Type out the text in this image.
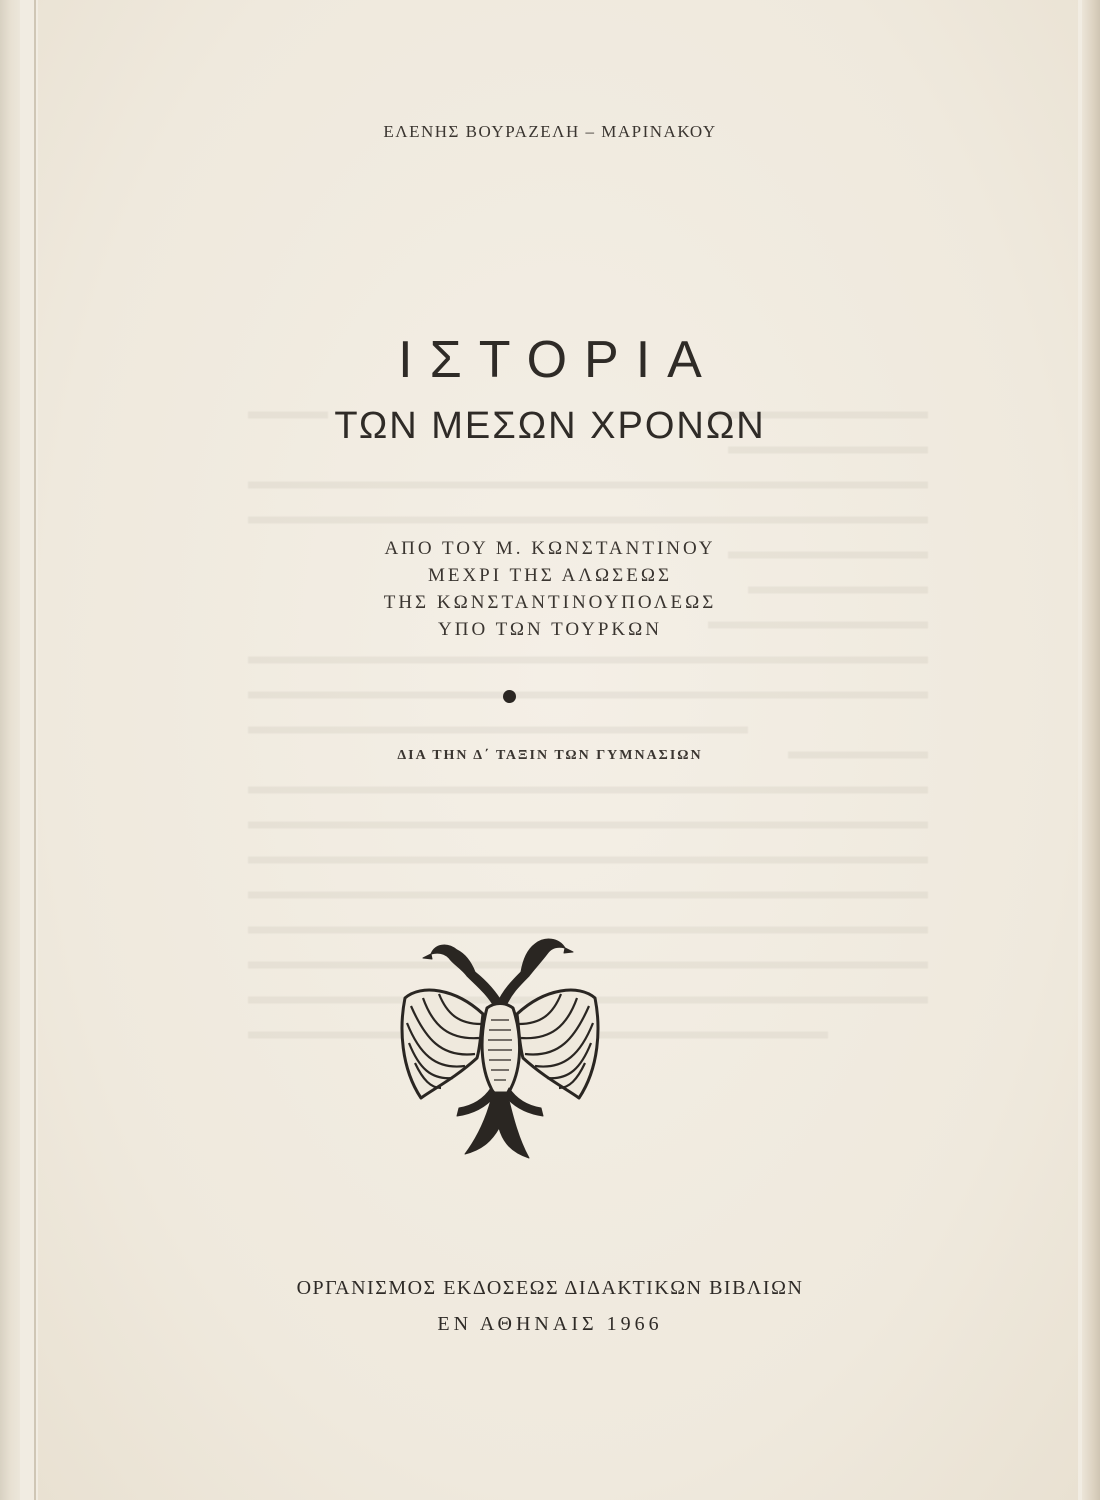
ΕΛΕΝΗΣ ΒΟΥΡΑΖΕΛΗ – ΜΑΡΙΝΑΚΟΥ
ΙΣΤΟΡΙΑ
ΤΩΝ ΜΕΣΩΝ ΧΡΟΝΩΝ
ΑΠΟ ΤΟΥ Μ. ΚΩΝΣΤΑΝΤΙΝΟΥ
ΜΕΧΡΙ ΤΗΣ ΑΛΩΣΕΩΣ
ΤΗΣ ΚΩΝΣΤΑΝΤΙΝΟΥΠΟΛΕΩΣ
ΥΠΟ ΤΩΝ ΤΟΥΡΚΩΝ
ΔΙΑ ΤΗΝ Δ΄ ΤΑΞΙΝ ΤΩΝ ΓΥΜΝΑΣΙΩΝ
ΟΡΓΑΝΙΣΜΟΣ ΕΚΔΟΣΕΩΣ ΔΙΔΑΚΤΙΚΩΝ ΒΙΒΛΙΩΝ
ΕΝ ΑΘΗΝΑΙΣ 1966
